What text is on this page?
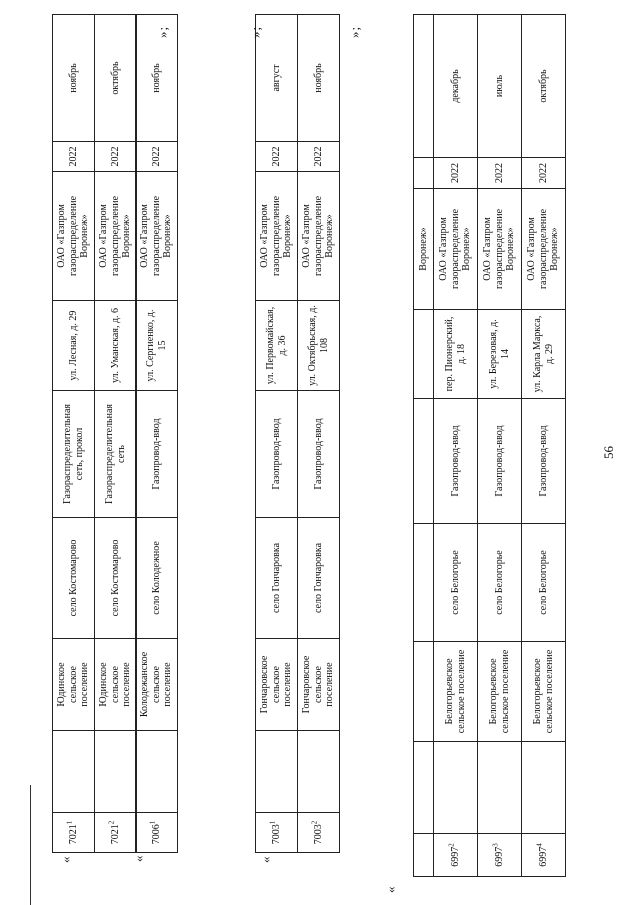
56
«
						Воронеж»		
6997$^2$		Белогорьевское сельское поселение	село Белогорье	Газопровод-ввод	пер. Пионерский, д. 18	ОАО «Газпром газораспределение Воронеж»	2022	декабрь
6997$^3$		Белогорьевское сельское поселение	село Белогорье	Газопровод-ввод	ул. Березовая, д. 14	ОАО «Газпром газораспределение Воронеж»	2022	июль
6997$^4$		Белогорьевское сельское поселение	село Белогорье	Газопровод-ввод	ул. Карла Маркса, д. 29	ОАО «Газпром газораспределение Воронеж»	2022	октябрь
»;
«
7003$^1$		Гончаровское сельское поселение	село Гончаровка	Газопровод-ввод	ул. Первомайская, д. 36	ОАО «Газпром газораспределение Воронеж»	2022	август
7003$^2$		Гончаровское сельское поселение	село Гончаровка	Газопровод-ввод	ул. Октябрьская, д. 108	ОАО «Газпром газораспределение Воронеж»	2022	ноябрь
»;
«
7006$^1$		Колодежанское сельское поселение	село Колодежное	Газопровод-ввод	ул. Сергиенко, д. 15	ОАО «Газпром газораспределение Воронеж»	2022	ноябрь
»;
«
7021$^1$		Юдинское сельское поселение	село Костомарово	Газораспределительная сеть, прокол	ул. Лесная, д. 29	ОАО «Газпром газораспределение Воронеж»	2022	ноябрь
7021$^2$		Юдинское сельское поселение	село Костомарово	Газораспределительная сеть	ул. Уманская, д. 6	ОАО «Газпром газораспределение Воронеж»	2022	октябрь
